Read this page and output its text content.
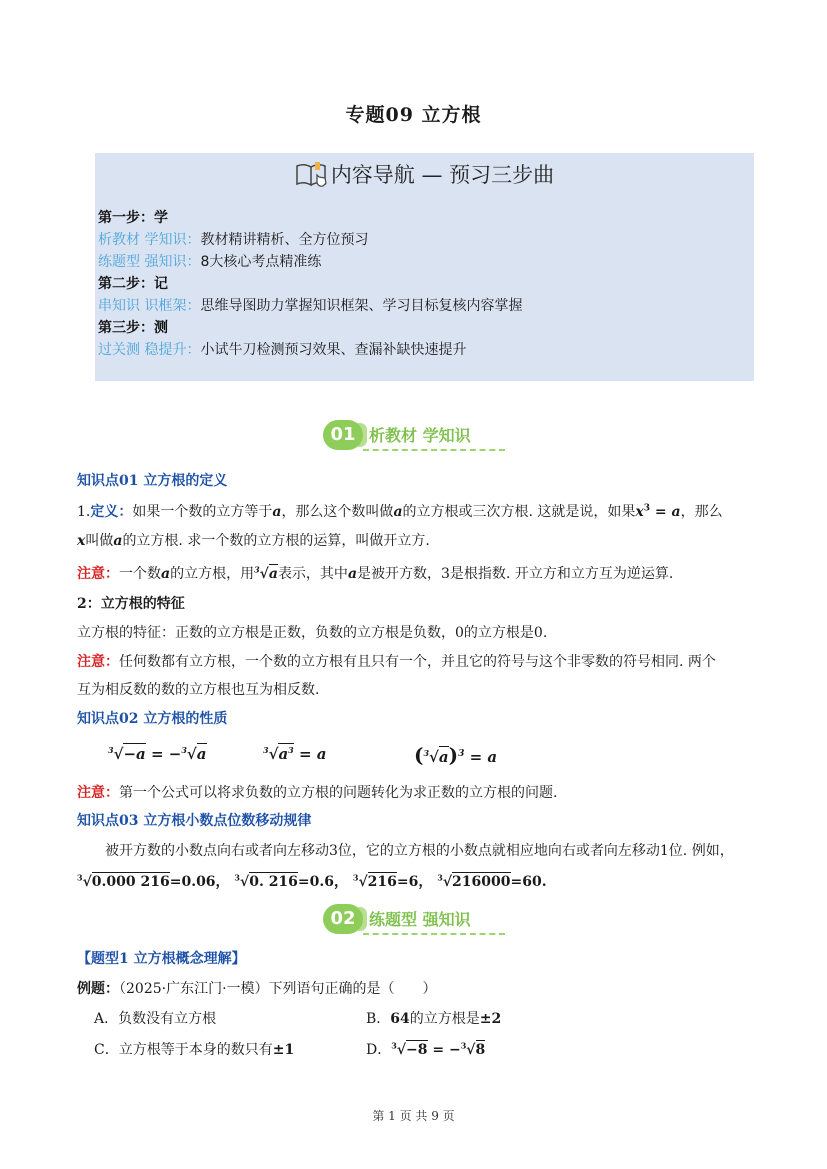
专题09 立方根
内容导航 — 预习三步曲
第一步：学
析教材 学知识：教材精讲精析、全方位预习
练题型 强知识：8大核心考点精准练
第二步：记
串知识 识框架：思维导图助力掌握知识框架、学习目标复核内容掌握
第三步：测
过关测 稳提升：小试牛刀检测预习效果、查漏补缺快速提升
01 析教材 学知识
知识点01 立方根的定义
1.定义：如果一个数的立方等于a，那么这个数叫做a的立方根或三次方根. 这就是说，如果$x^3 = a$，那么
x叫做a的立方根. 求一个数的立方根的运算，叫做开立方.
注意：一个数a的立方根，用$^3$√a表示，其中a是被开方数，3是根指数. 开立方和立方互为逆运算.
2：立方根的特征
立方根的特征：正数的立方根是正数，负数的立方根是负数，0的立方根是0.
注意：任何数都有立方根，一个数的立方根有且只有一个，并且它的符号与这个非零数的符号相同. 两个
互为相反数的数的立方根也互为相反数.
知识点02 立方根的性质
$^3$√−a = −$^3$√a	$^3√a^3 = a$	$(^3√a)^3 = a$
注意：第一个公式可以将求负数的立方根的问题转化为求正数的立方根的问题.
知识点03 立方根小数点位数移动规律
被开方数的小数点向右或者向左移动3位，它的立方根的小数点就相应地向右或者向左移动1位. 例如，
$^3$√0.000 216=0.06， $^3$√0. 216=0.6， $^3$√216=6， $^3$√216000=60.
02 练题型 强知识
【题型1 立方根概念理解】
例题：（2025·广东江门·一模）下列语句正确的是（　　）
A．负数没有立方根	B．64的立方根是±2
C．立方根等于本身的数只有±1	D．$^3$√−8 = −$^3$√8
第 1 页 共 9 页
